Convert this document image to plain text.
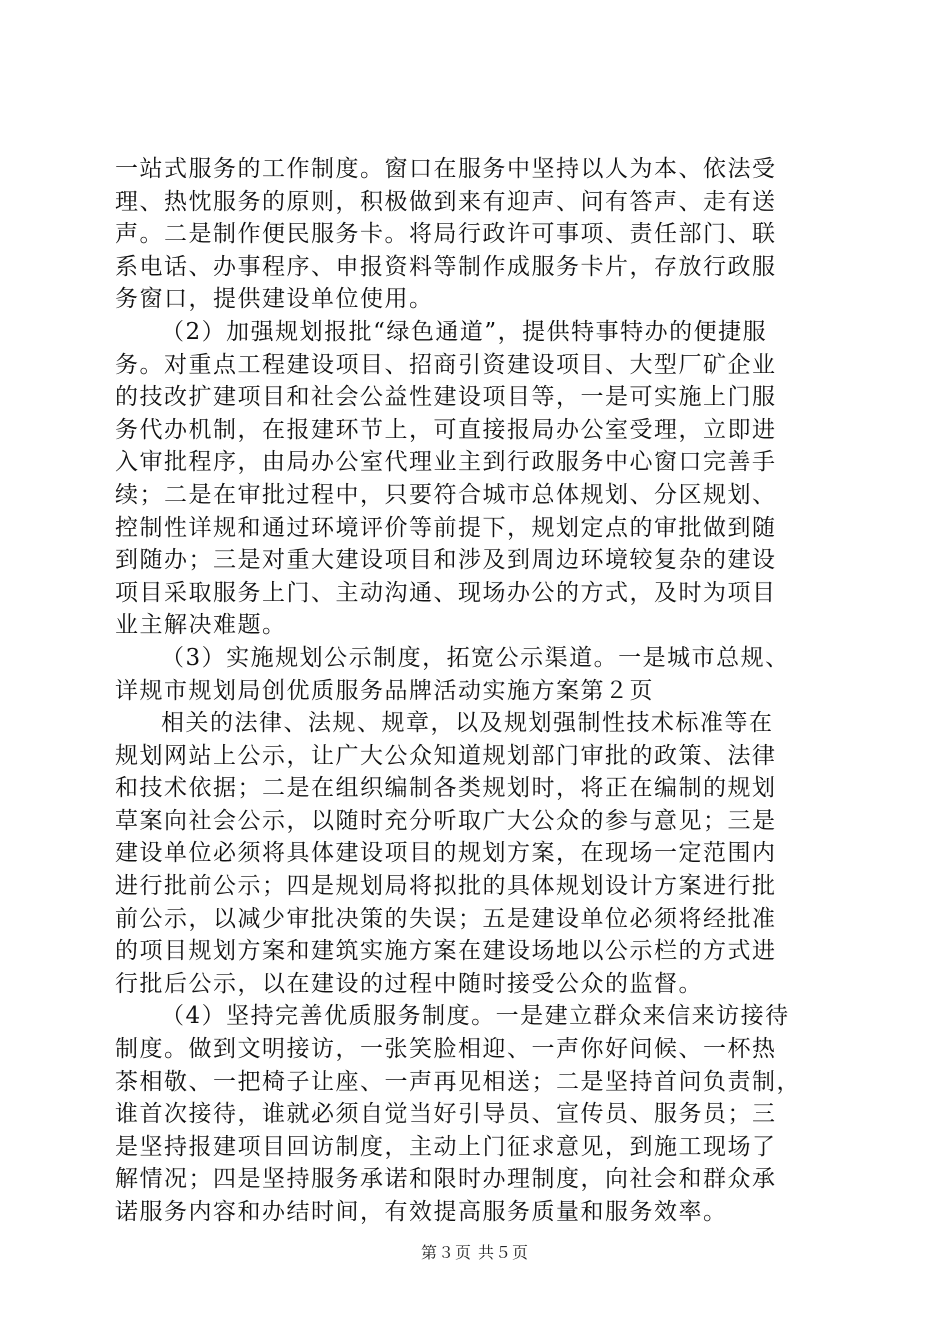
一站式服务的工作制度。窗口在服务中坚持以人为本、依法受
理、热忱服务的原则，积极做到来有迎声、问有答声、走有送
声。二是制作便民服务卡。将局行政许可事项、责任部门、联
系电话、办事程序、申报资料等制作成服务卡片，存放行政服
务窗口，提供建设单位使用。
（2）加强规划报批“绿色通道”，提供特事特办的便捷服
务。对重点工程建设项目、招商引资建设项目、大型厂矿企业
的技改扩建项目和社会公益性建设项目等，一是可实施上门服
务代办机制，在报建环节上，可直接报局办公室受理，立即进
入审批程序，由局办公室代理业主到行政服务中心窗口完善手
续；二是在审批过程中，只要符合城市总体规划、分区规划、
控制性详规和通过环境评价等前提下，规划定点的审批做到随
到随办；三是对重大建设项目和涉及到周边环境较复杂的建设
项目采取服务上门、主动沟通、现场办公的方式，及时为项目
业主解决难题。
（3）实施规划公示制度，拓宽公示渠道。一是城市总规、
详规市规划局创优质服务品牌活动实施方案第２页
相关的法律、法规、规章，以及规划强制性技术标准等在
规划网站上公示，让广大公众知道规划部门审批的政策、法律
和技术依据；二是在组织编制各类规划时，将正在编制的规划
草案向社会公示，以随时充分听取广大公众的参与意见；三是
建设单位必须将具体建设项目的规划方案，在现场一定范围内
进行批前公示；四是规划局将拟批的具体规划设计方案进行批
前公示，以减少审批决策的失误；五是建设单位必须将经批准
的项目规划方案和建筑实施方案在建设场地以公示栏的方式进
行批后公示，以在建设的过程中随时接受公众的监督。
（4）坚持完善优质服务制度。一是建立群众来信来访接待
制度。做到文明接访，一张笑脸相迎、一声你好问候、一杯热
茶相敬、一把椅子让座、一声再见相送；二是坚持首问负责制，
谁首次接待，谁就必须自觉当好引导员、宣传员、服务员；三
是坚持报建项目回访制度，主动上门征求意见，到施工现场了
解情况；四是坚持服务承诺和限时办理制度，向社会和群众承
诺服务内容和办结时间，有效提高服务质量和服务效率。
第３页 共５页
